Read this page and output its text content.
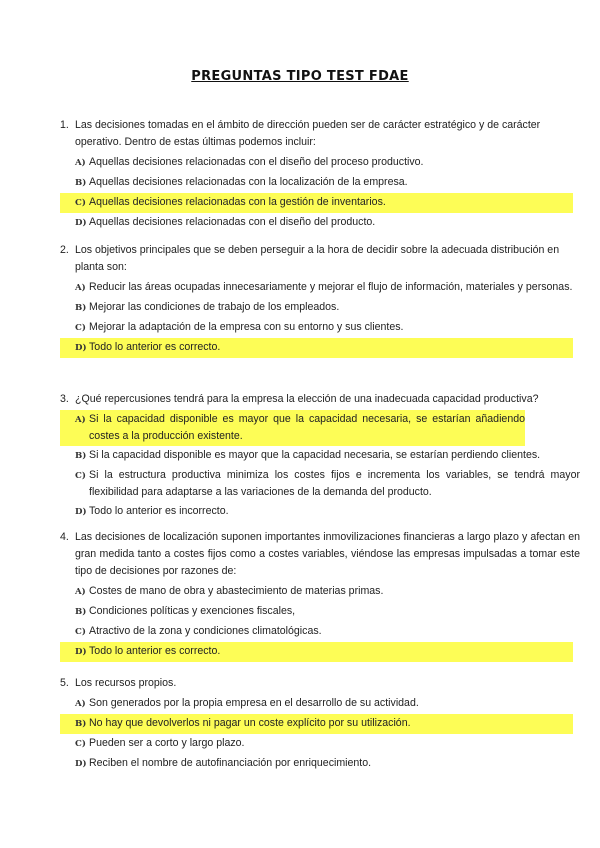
PREGUNTAS TIPO TEST FDAE
1. Las decisiones tomadas en el ámbito de dirección pueden ser de carácter estratégico y de carácter operativo. Dentro de estas últimas podemos incluir:
A) Aquellas decisiones relacionadas con el diseño del proceso productivo.
B) Aquellas decisiones relacionadas con la localización de la empresa.
C) Aquellas decisiones relacionadas con la gestión de inventarios.
D) Aquellas decisiones relacionadas con el diseño del producto.
2. Los objetivos principales que se deben perseguir a la hora de decidir sobre la adecuada distribución en planta son:
A) Reducir las áreas ocupadas innecesariamente y mejorar el flujo de información, materiales y personas.
B) Mejorar las condiciones de trabajo de los empleados.
C) Mejorar la adaptación de la empresa con su entorno y sus clientes.
D) Todo lo anterior es correcto.
3. ¿Qué repercusiones tendrá para la empresa la elección de una inadecuada capacidad productiva?
A) Si la capacidad disponible es mayor que la capacidad necesaria, se estarían añadiendo costes a la producción existente.
B) Si la capacidad disponible es mayor que la capacidad necesaria, se estarían perdiendo clientes.
C) Si la estructura productiva minimiza los costes fijos e incrementa los variables, se tendrá mayor flexibilidad para adaptarse a las variaciones de la demanda del producto.
D) Todo lo anterior es incorrecto.
4. Las decisiones de localización suponen importantes inmovilizaciones financieras a largo plazo y afectan en gran medida tanto a costes fijos como a costes variables, viéndose las empresas impulsadas a tomar este tipo de decisiones por razones de:
A) Costes de mano de obra y abastecimiento de materias primas.
B) Condiciones políticas y exenciones fiscales,
C) Atractivo de la zona y condiciones climatológicas.
D) Todo lo anterior es correcto.
5. Los recursos propios.
A) Son generados por la propia empresa en el desarrollo de su actividad.
B) No hay que devolverlos ni pagar un coste explícito por su utilización.
C) Pueden ser a corto y largo plazo.
D) Reciben el nombre de autofinanciación por enriquecimiento.
